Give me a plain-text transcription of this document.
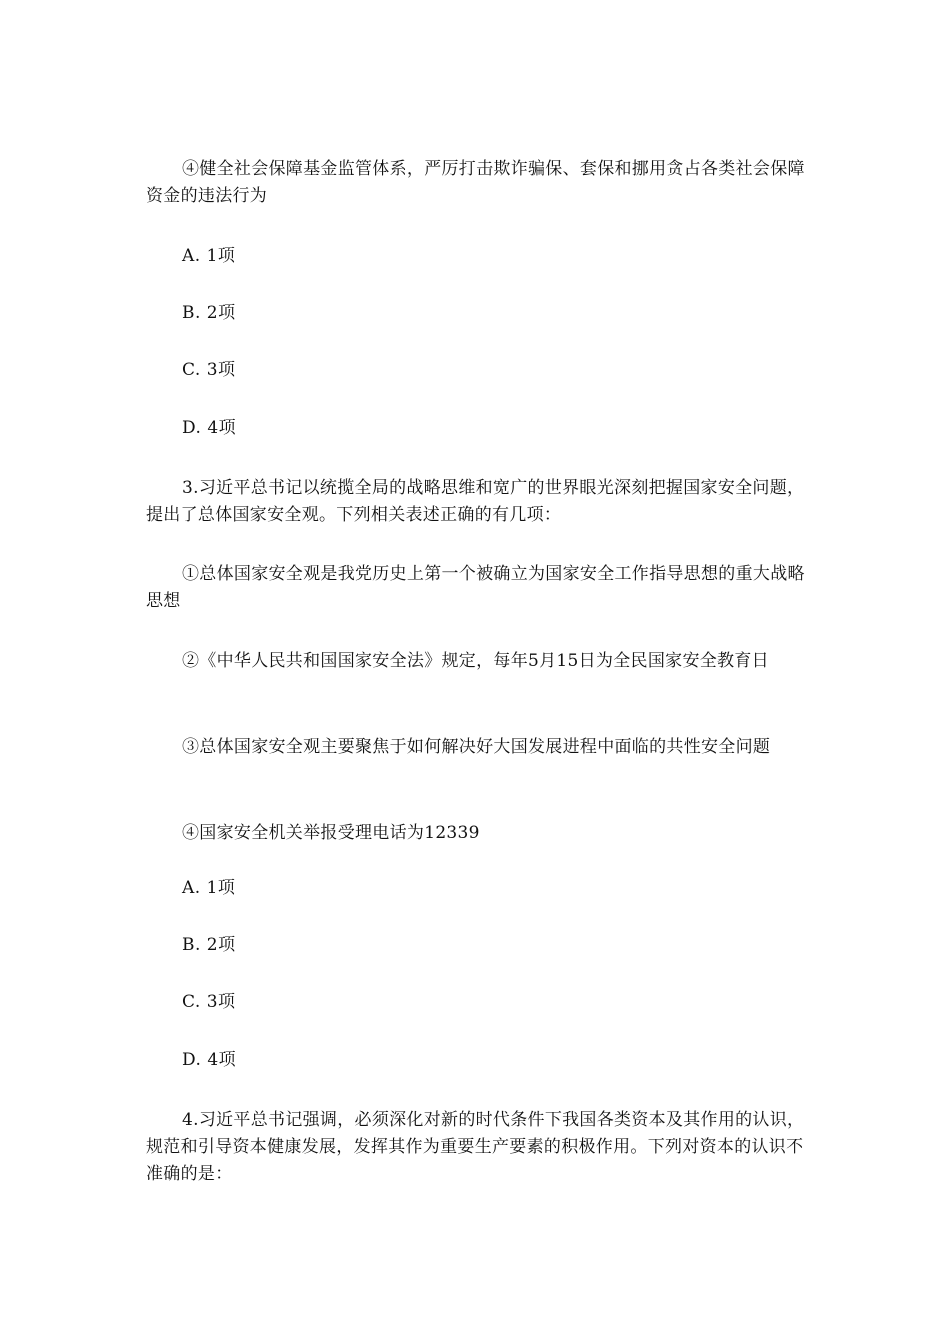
④健全社会保障基金监管体系，严厉打击欺诈骗保、套保和挪用贪占各类社会保障资金的违法行为

A. 1项

B. 2项

C. 3项

D. 4项

3.习近平总书记以统揽全局的战略思维和宽广的世界眼光深刻把握国家安全问题，提出了总体国家安全观。下列相关表述正确的有几项：

①总体国家安全观是我党历史上第一个被确立为国家安全工作指导思想的重大战略思想

②《中华人民共和国国家安全法》规定，每年5月15日为全民国家安全教育日

③总体国家安全观主要聚焦于如何解决好大国发展进程中面临的共性安全问题

④国家安全机关举报受理电话为12339

A. 1项

B. 2项

C. 3项

D. 4项

4.习近平总书记强调，必须深化对新的时代条件下我国各类资本及其作用的认识，规范和引导资本健康发展，发挥其作为重要生产要素的积极作用。下列对资本的认识不准确的是：
